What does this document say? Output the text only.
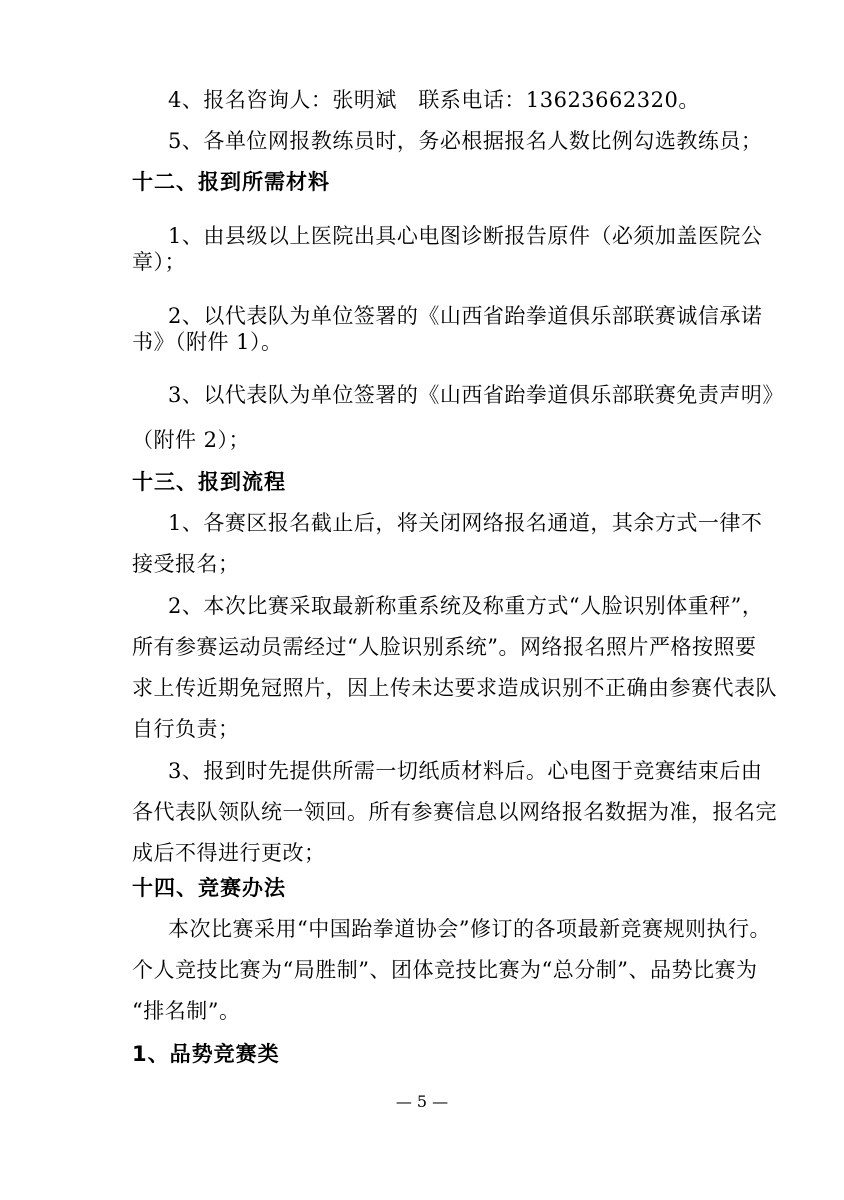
4、报名咨询人：张明斌　联系电话：13623662320。
5、各单位网报教练员时，务必根据报名人数比例勾选教练员；
十二、报到所需材料
1、由县级以上医院出具心电图诊断报告原件（必须加盖医院公
章）；
2、以代表队为单位签署的《山西省跆拳道俱乐部联赛诚信承诺
书》（附件 1）。
3、以代表队为单位签署的《山西省跆拳道俱乐部联赛免责声明》
（附件 2）；
十三、报到流程
1、各赛区报名截止后，将关闭网络报名通道，其余方式一律不
接受报名；
2、本次比赛采取最新称重系统及称重方式“人脸识别体重秤”，
所有参赛运动员需经过“人脸识别系统”。网络报名照片严格按照要
求上传近期免冠照片，因上传未达要求造成识别不正确由参赛代表队
自行负责；
3、报到时先提供所需一切纸质材料后。心电图于竞赛结束后由
各代表队领队统一领回。所有参赛信息以网络报名数据为准，报名完
成后不得进行更改；
十四、竞赛办法
本次比赛采用“中国跆拳道协会”修订的各项最新竞赛规则执行。
个人竞技比赛为“局胜制”、团体竞技比赛为“总分制”、品势比赛为
“排名制”。
1、品势竞赛类
— 5 —
